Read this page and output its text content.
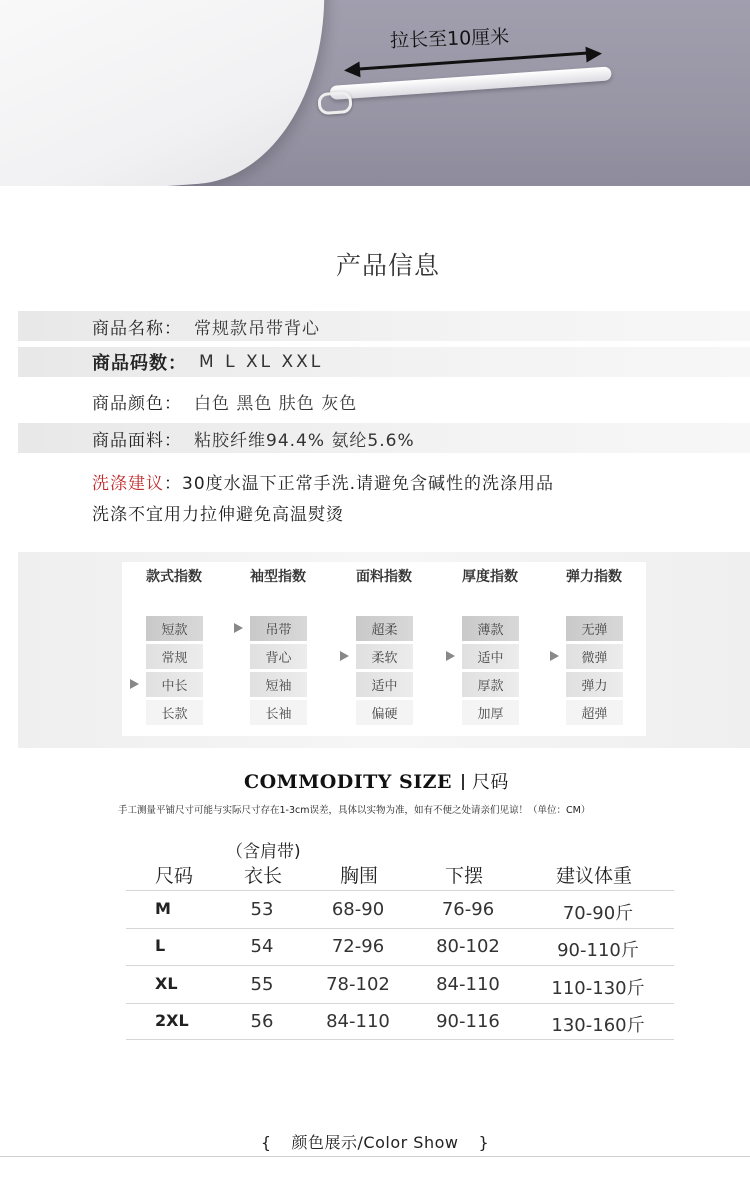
拉长至10厘米
产品信息
商品名称： 常规款吊带背心
商品码数： M L XL XXL
商品颜色： 白色 黑色 肤色 灰色
商品面料： 粘胶纤维94.4% 氨纶5.6%
洗涤建议：30度水温下正常手洗.请避免含碱性的洗涤用品
洗涤不宜用力拉伸避免高温熨烫
款式指数
短款
常规
中长
长款
袖型指数
吊带
背心
短袖
长袖
面料指数
超柔
柔软
适中
偏硬
厚度指数
薄款
适中
厚款
加厚
弹力指数
无弹
微弹
弹力
超弹
COMMODITY SIZE 尺码
手工测量平铺尺寸可能与实际尺寸存在1-3cm误差，具体以实物为准，如有不便之处请亲们见谅！（单位：CM）
（含肩带)
尺码	衣长	胸围	下摆	建议体重
M	53	68-90	76-96	70-90斤
L	54	72-96	80-102	90-110斤
XL	55	78-102	84-110	110-130斤
2XL	56	84-110	90-116	130-160斤
{ 颜色展示/Color Show }
